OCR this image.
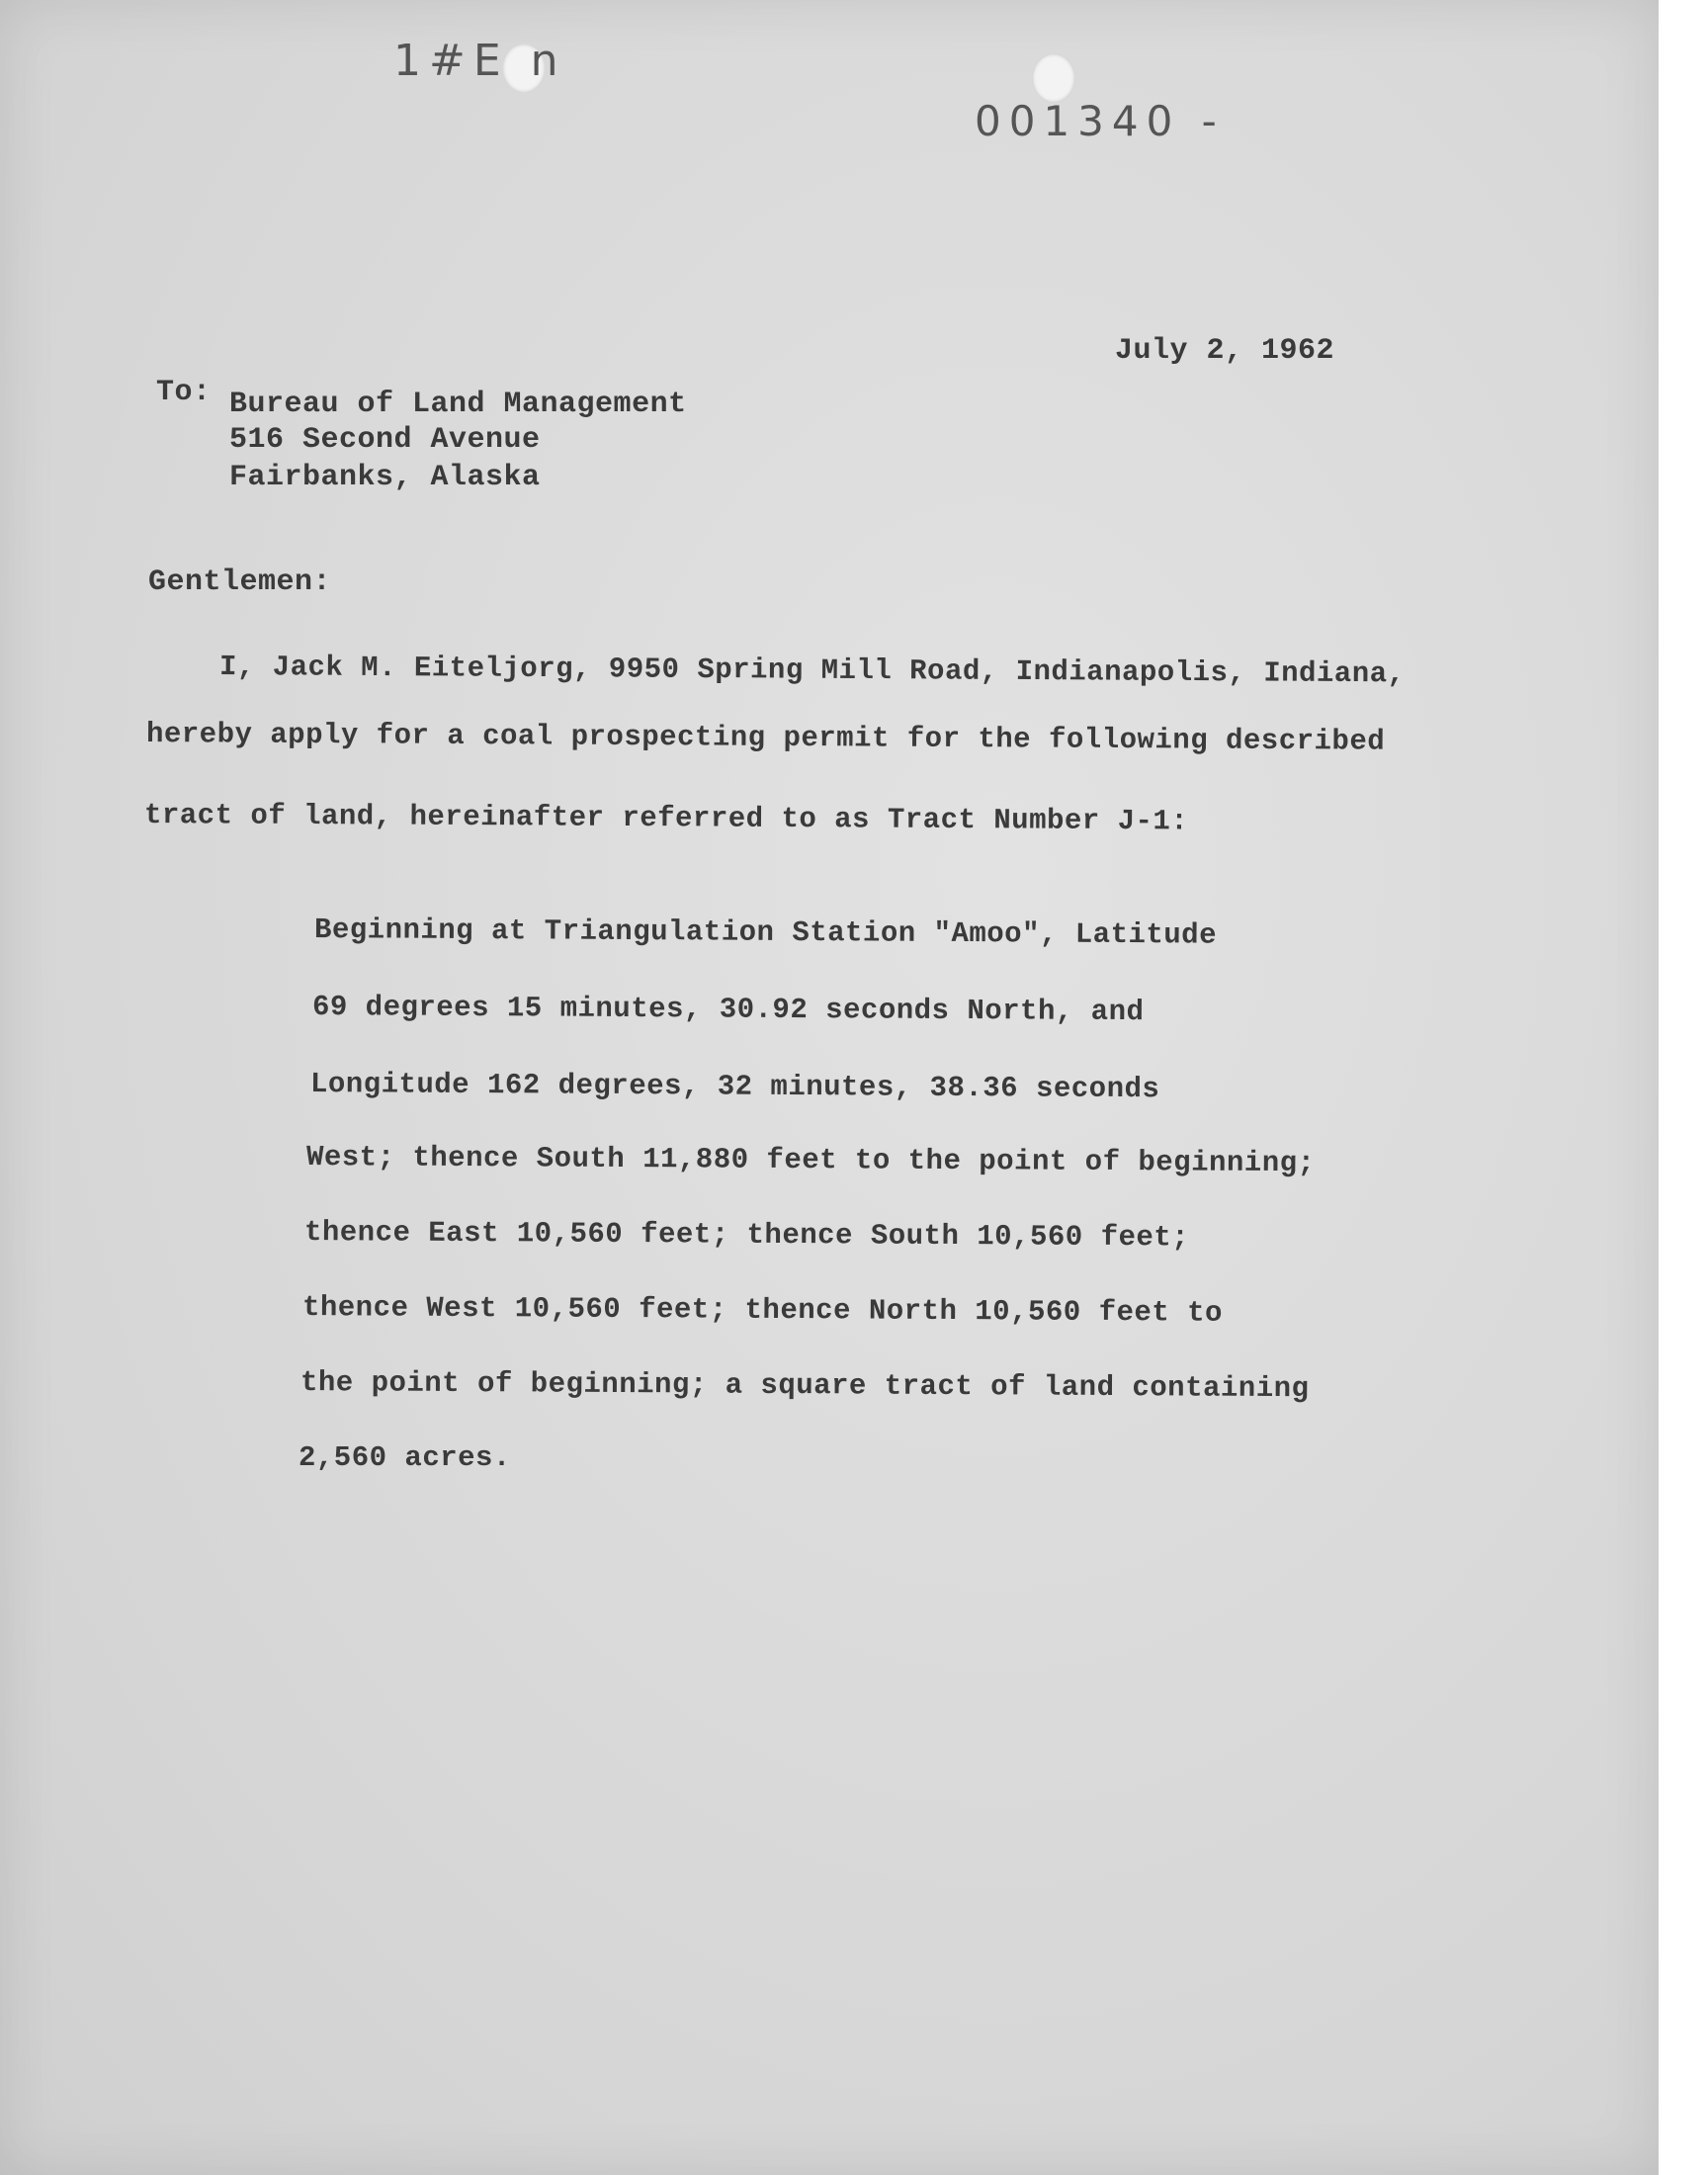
1#E n
001340 -
July 2, 1962
To: Bureau of Land Management
516 Second Avenue
Fairbanks, Alaska
Gentlemen:
I, Jack M. Eiteljorg, 9950 Spring Mill Road, Indianapolis, Indiana,
hereby apply for a coal prospecting permit for the following described
tract of land, hereinafter referred to as Tract Number J-1:
Beginning at Triangulation Station "Amoo", Latitude
69 degrees 15 minutes, 30.92 seconds North, and
Longitude 162 degrees, 32 minutes, 38.36 seconds
West; thence South 11,880 feet to the point of beginning;
thence East 10,560 feet; thence South 10,560 feet;
thence West 10,560 feet; thence North 10,560 feet to
the point of beginning; a square tract of land containing
2,560 acres.
